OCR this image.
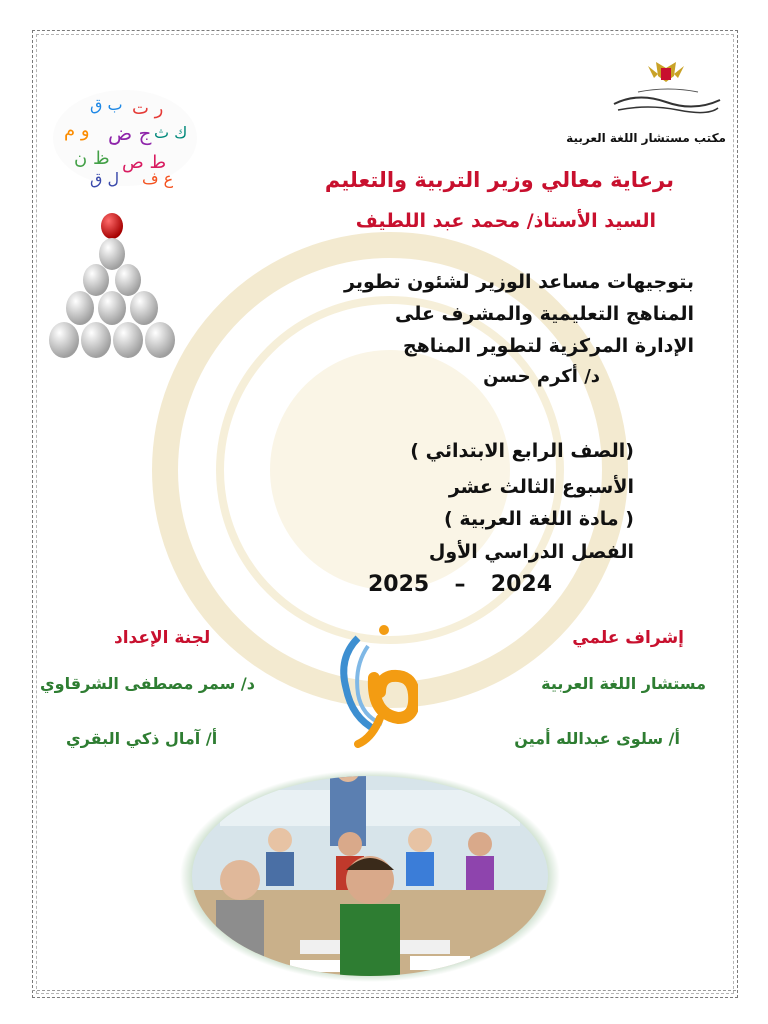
مكتب مستشار اللغة العربية
ب ق ر ت
و م ج ض ك ث
ظ ن ط ص
ل ق ع ف	برعاية معالي وزير التربية والتعليم
السيد الأستاذ/ محمد عبد اللطيف
بتوجيهات مساعد الوزير لشئون تطوير
المناهج التعليمية والمشرف على
الإدارة المركزية لتطوير المناهج
د/ أكرم حسن
(الصف الرابع الابتدائي )
الأسبوع الثالث عشر
( مادة اللغة العربية )
الفصل الدراسي الأول
2025 – 2024
إشراف علمي
مستشار اللغة العربية
أ/ سلوى عبدالله أمين
لجنة الإعداد
د/ سمر مصطفى الشرقاوي
أ/ آمال ذكي البقري
